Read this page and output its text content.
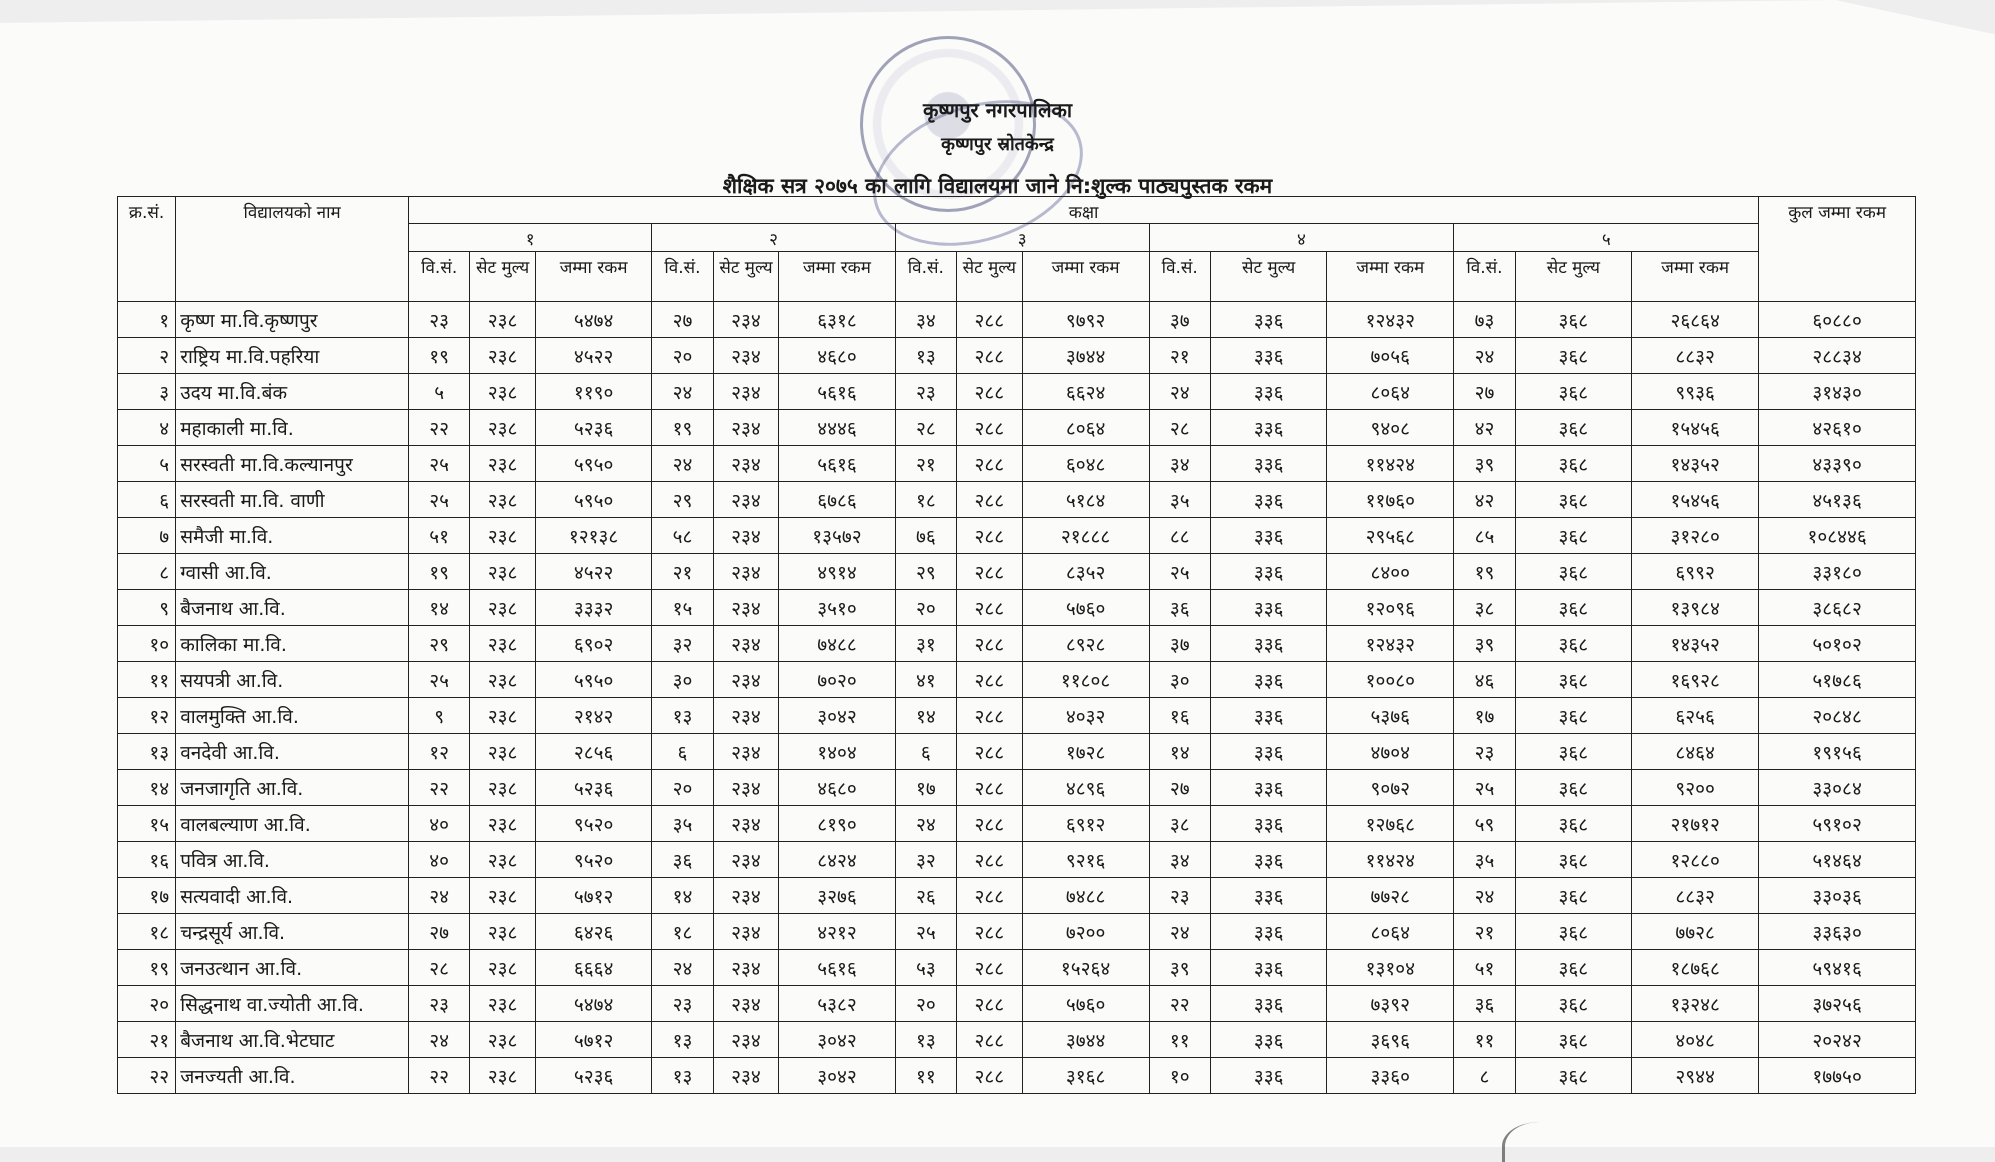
कृष्णपुर नगरपालिका
कृष्णपुर स्रोतकेन्द्र
शैक्षिक सत्र २०७५ का लागि विद्यालयमा जाने नि:शुल्क पाठ्यपुस्तक रकम
क्र.सं.	विद्यालयको नाम	कक्षा															कुल जम्मा रकम
		१			२			३			४			५			
		वि.सं.	सेट मुल्य	जम्मा रकम	वि.सं.	सेट मुल्य	जम्मा रकम	वि.सं.	सेट मुल्य	जम्मा रकम	वि.सं.	सेट मुल्य	जम्मा रकम	वि.सं.	सेट मुल्य	जम्मा रकम	
१	कृष्ण मा.वि.कृष्णपुर	२३	२३८	५४७४	२७	२३४	६३१८	३४	२८८	९७९२	३७	३३६	१२४३२	७३	३६८	२६८६४	६०८८०
२	राष्ट्रिय मा.वि.पहरिया	१९	२३८	४५२२	२०	२३४	४६८०	१३	२८८	३७४४	२१	३३६	७०५६	२४	३६८	८८३२	२८८३४
३	उदय मा.वि.बंक	५	२३८	११९०	२४	२३४	५६१६	२३	२८८	६६२४	२४	३३६	८०६४	२७	३६८	९९३६	३१४३०
४	महाकाली मा.वि.	२२	२३८	५२३६	१९	२३४	४४४६	२८	२८८	८०६४	२८	३३६	९४०८	४२	३६८	१५४५६	४२६१०
५	सरस्वती मा.वि.कल्यानपुर	२५	२३८	५९५०	२४	२३४	५६१६	२१	२८८	६०४८	३४	३३६	११४२४	३९	३६८	१४३५२	४३३९०
६	सरस्वती मा.वि. वाणी	२५	२३८	५९५०	२९	२३४	६७८६	१८	२८८	५१८४	३५	३३६	११७६०	४२	३६८	१५४५६	४५१३६
७	समैजी मा.वि.	५१	२३८	१२१३८	५८	२३४	१३५७२	७६	२८८	२१८८८	८८	३३६	२९५६८	८५	३६८	३१२८०	१०८४४६
८	ग्वासी आ.वि.	१९	२३८	४५२२	२१	२३४	४९१४	२९	२८८	८३५२	२५	३३६	८४००	१९	३६८	६९९२	३३१८०
९	बैजनाथ आ.वि.	१४	२३८	३३३२	१५	२३४	३५१०	२०	२८८	५७६०	३६	३३६	१२०९६	३८	३६८	१३९८४	३८६८२
१०	कालिका मा.वि.	२९	२३८	६९०२	३२	२३४	७४८८	३१	२८८	८९२८	३७	३३६	१२४३२	३९	३६८	१४३५२	५०१०२
११	सयपत्री आ.वि.	२५	२३८	५९५०	३०	२३४	७०२०	४१	२८८	११८०८	३०	३३६	१००८०	४६	३६८	१६९२८	५१७८६
१२	वालमुक्ति आ.वि.	९	२३८	२१४२	१३	२३४	३०४२	१४	२८८	४०३२	१६	३३६	५३७६	१७	३६८	६२५६	२०८४८
१३	वनदेवी आ.वि.	१२	२३८	२८५६	६	२३४	१४०४	६	२८८	१७२८	१४	३३६	४७०४	२३	३६८	८४६४	१९१५६
१४	जनजागृति आ.वि.	२२	२३८	५२३६	२०	२३४	४६८०	१७	२८८	४८९६	२७	३३६	९०७२	२५	३६८	९२००	३३०८४
१५	वालबल्याण आ.वि.	४०	२३८	९५२०	३५	२३४	८१९०	२४	२८८	६९१२	३८	३३६	१२७६८	५९	३६८	२१७१२	५९१०२
१६	पवित्र आ.वि.	४०	२३८	९५२०	३६	२३४	८४२४	३२	२८८	९२१६	३४	३३६	११४२४	३५	३६८	१२८८०	५१४६४
१७	सत्यवादी आ.वि.	२४	२३८	५७१२	१४	२३४	३२७६	२६	२८८	७४८८	२३	३३६	७७२८	२४	३६८	८८३२	३३०३६
१८	चन्द्रसूर्य आ.वि.	२७	२३८	६४२६	१८	२३४	४२१२	२५	२८८	७२००	२४	३३६	८०६४	२१	३६८	७७२८	३३६३०
१९	जनउत्थान आ.वि.	२८	२३८	६६६४	२४	२३४	५६१६	५३	२८८	१५२६४	३९	३३६	१३१०४	५१	३६८	१८७६८	५९४१६
२०	सिद्धनाथ वा.ज्योती आ.वि.	२३	२३८	५४७४	२३	२३४	५३८२	२०	२८८	५७६०	२२	३३६	७३९२	३६	३६८	१३२४८	३७२५६
२१	बैजनाथ आ.वि.भेटघाट	२४	२३८	५७१२	१३	२३४	३०४२	१३	२८८	३७४४	११	३३६	३६९६	११	३६८	४०४८	२०२४२
२२	जनज्यती आ.वि.	२२	२३८	५२३६	१३	२३४	३०४२	११	२८८	३१६८	१०	३३६	३३६०	८	३६८	२९४४	१७७५०
